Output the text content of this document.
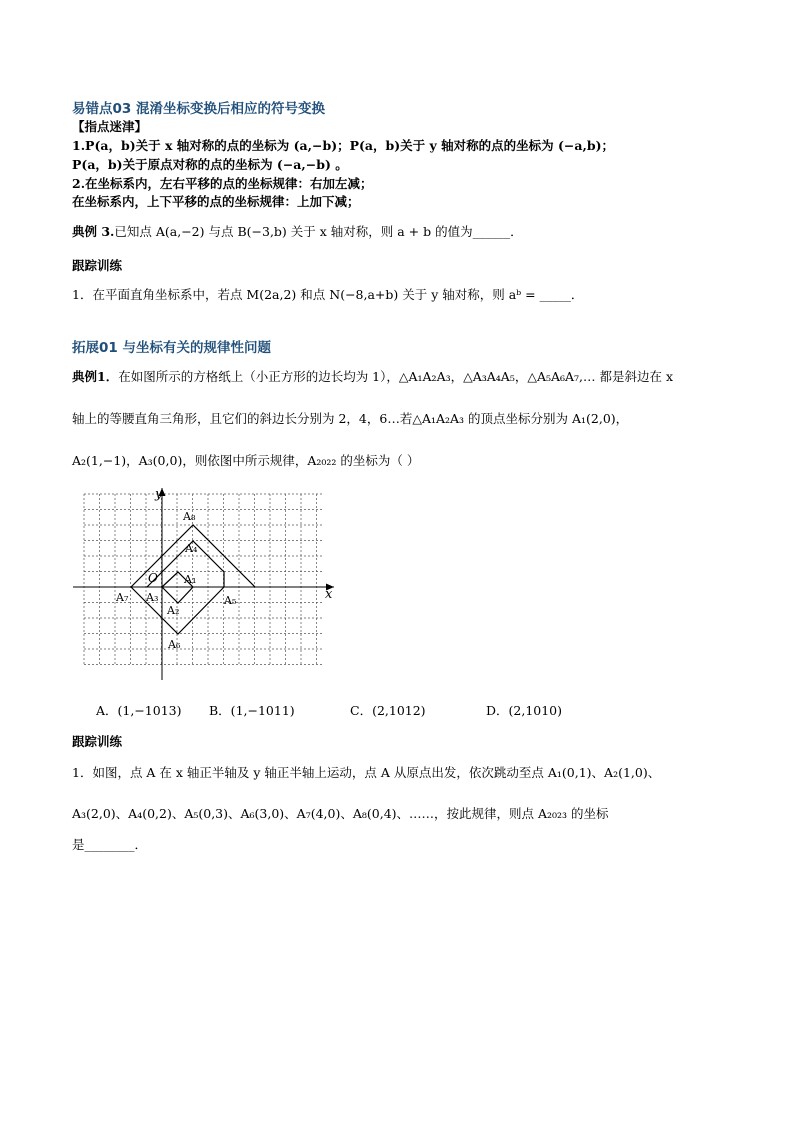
易错点03 混淆坐标变换后相应的符号变换
【指点迷津】
1.P(a，b)关于 x 轴对称的点的坐标为 (a,−b)；P(a，b)关于 y 轴对称的点的坐标为 (−a,b)；
P(a，b)关于原点对称的点的坐标为 (−a,−b) 。
2.在坐标系内，左右平移的点的坐标规律：右加左减；
在坐标系内，上下平移的点的坐标规律：上加下减；
典例 3.已知点 A(a,−2) 与点 B(−3,b) 关于 x 轴对称，则 a + b 的值为______．
跟踪训练
1．在平面直角坐标系中，若点 M(2a,2) 和点 N(−8,a+b) 关于 y 轴对称，则 aᵇ = _____．
拓展01 与坐标有关的规律性问题
典例1．在如图所示的方格纸上（小正方形的边长均为 1），△A₁A₂A₃，△A₃A₄A₅，△A₅A₆A₇,… 都是斜边在 x
轴上的等腰直角三角形，且它们的斜边长分别为 2，4，6…若△A₁A₂A₃ 的顶点坐标分别为 A₁(2,0)，
A₂(1,−1)，A₃(0,0)，则依图中所示规律，A₂₀₂₂ 的坐标为（ ）
y
x
O
A₈
A₄
A₁
A₇ A₃
A₂
A₅
A₆
A．(1,−1013) B．(1,−1011)	C．(2,1012)	D．(2,1010)
跟踪训练
1．如图，点 A 在 x 轴正半轴及 y 轴正半轴上运动，点 A 从原点出发，依次跳动至点 A₁(0,1)、A₂(1,0)、
A₃(2,0)、A₄(0,2)、A₅(0,3)、A₆(3,0)、A₇(4,0)、A₈(0,4)、……，按此规律，则点 A₂₀₂₃ 的坐标
是________．
